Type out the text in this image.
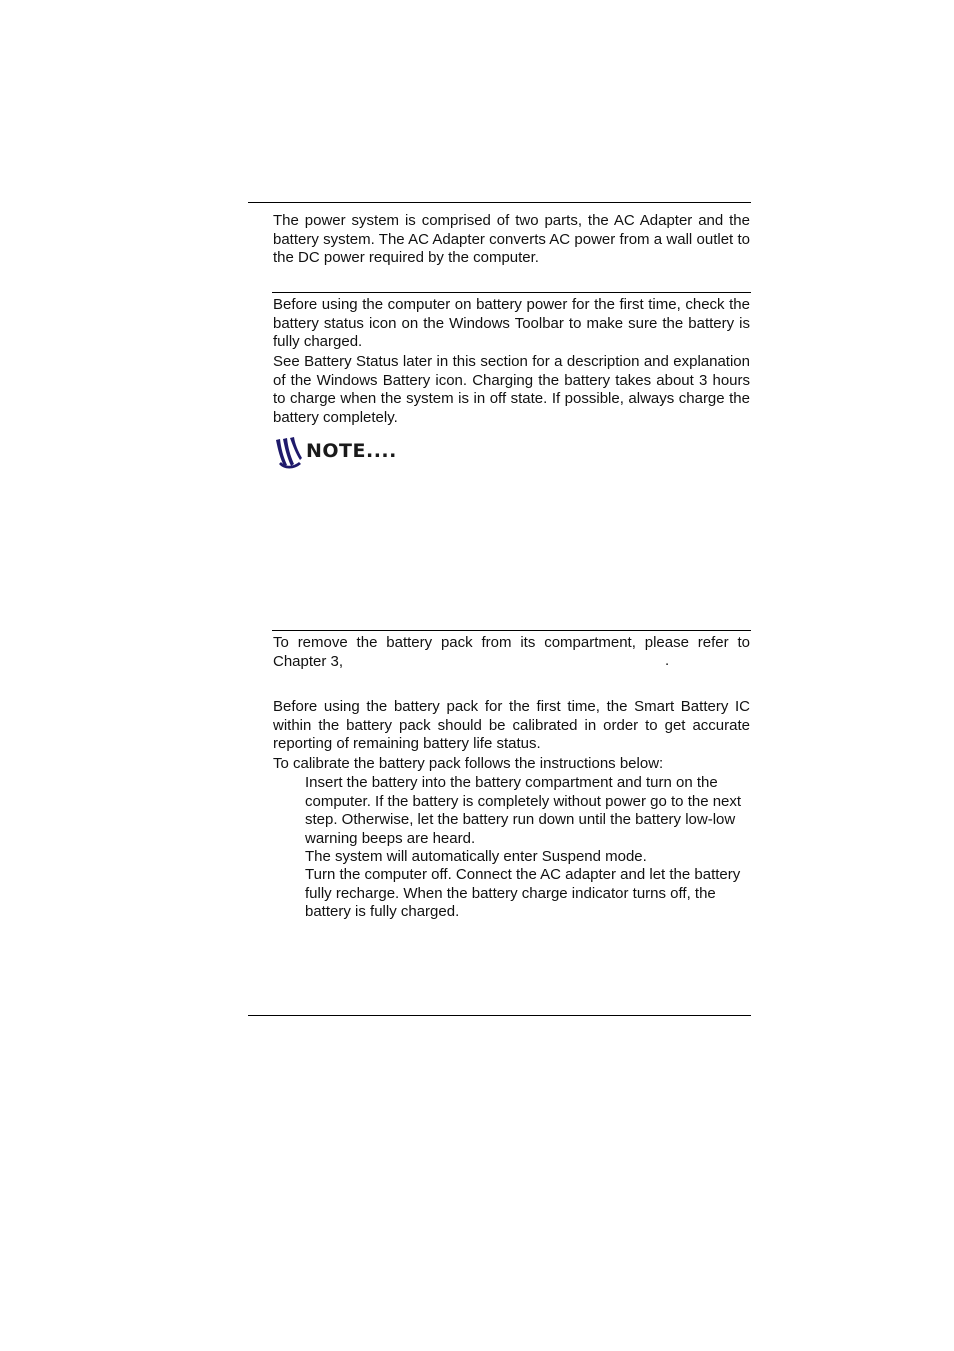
The power system is comprised of two parts, the AC Adapter and the battery system. The AC Adapter converts AC power from a wall outlet to the DC power required by the computer.

Before using the computer on battery power for the first time, check the battery status icon on the Windows Toolbar to make sure the battery is fully charged.

See Battery Status later in this section for a description and explanation of the Windows Battery icon. Charging the battery takes about 3 hours to charge when the system is in off state. If possible, always charge the battery completely.

NOTE....

To remove the battery pack from its compartment, please refer to Chapter 3,	.

Before using the battery pack for the first time, the Smart Battery IC within the battery pack should be calibrated in order to get accurate reporting of remaining battery life status.

To calibrate the battery pack follows the instructions below:

Insert the battery into the battery compartment and turn on the computer. If the battery is completely without power go to the next step. Otherwise, let the battery run down until the battery low-low warning beeps are heard.

The system will automatically enter Suspend mode.

Turn the computer off. Connect the AC adapter and let the battery fully recharge. When the battery charge indicator turns off, the battery is fully charged.
